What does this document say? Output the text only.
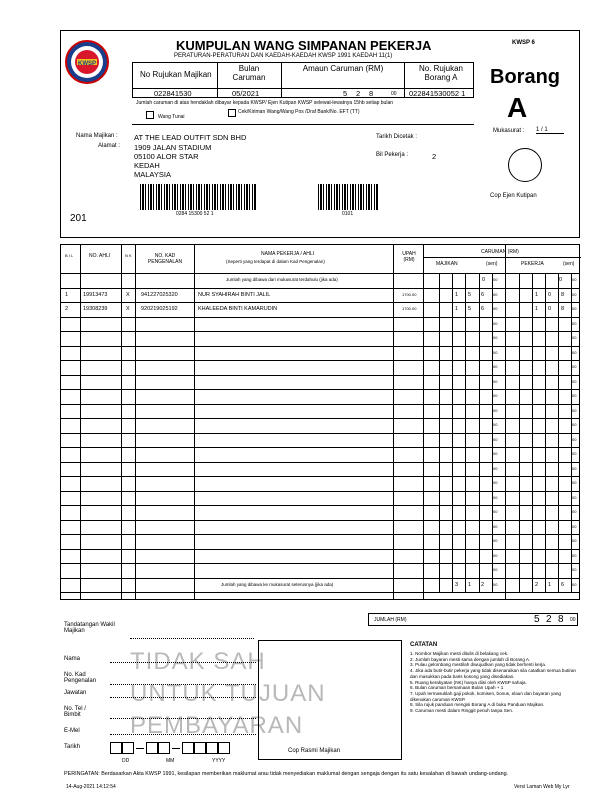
KWSP
KUMPULAN WANG SIMPANAN PEKERJA
PERATURAN-PERATURAN DAN KAEDAH-KAEDAH KWSP 1991 KAEDAH 11(1)
KWSP 6
No Rujukan Majikan
Bulan Caruman
Amaun Caruman (RM)	No. Rujukan Borang A
022841530	05/2021	5 2 8	00 022841530052 1
Jumlah caruman di atas hendaklah dibayar kepada KWSP/ Ejen Kutipan KWSP selewat-lewatnya 15hb setiap bulan
Wang Tunai
Cek/Kiriman Wang/Wang Pos /Draf Bank/No. EFT (TT)
Borang
A
Mukasurat : 1 / 1
Cop Ejen Kutipan
Nama Majikan :
Alamat :
AT THE LEAD OUTFIT SDN BHD
1909 JALAN STADIUM
05100 ALOR STAR
KEDAH
MALAYSIA
Tarikh Dicetak :
Bil Pekerja :	2
0284 15300 52 1	0101
201
B I L	NO. AHLI	N K	NO. KAD PENGENALAN
NAMA PEKERJA / AHLI
(Seperti yang terdapat di dalam Kad Pengenalan)
UPAH (RM)
CARUMAN (RM)
MAJIKAN	(sen)	PEKERJA	(sen)
Jumlah yang dibawa dari mukasurat terdahulu (jika ada)	0 00	0 00
1	19913473	X 941227025320	NUR SYAHIRAH BINTI JALIL	1700.00	1 5 6 00	1 0 8 00
2	19308239	X 920219025192	KHALEEDA BINTI KAMARUDIN	1700.00	1 5 6 00	1 0 8 00
00	00
00	00
00	00
00	00
00	00
00	00
00	00
00	00
00	00
00	00
00	00
00	00
00	00
00	00
00	00
00	00
00	00
00	00
Jumlah yang dibawa ke mukasurat seterusnya (jika ada)	3 1 2 00	2 1 6 00
JUMLAH (RM)	5 2 8 00
Tandatangan Wakil Majikan
Nama
No. Kad Pengenalan
Jawatan
No. Tel / Bimbit
E-Mel
Tarikh
DD	MM	YYYY
Cop Rasmi Majikan
TIDAK SAH
UNTUK TUJUAN
PEMBAYARAN
CATATAN
1. Nombor Majikan mesti ditulis di belakang cek.
2. Jumlah bayaran mesti sama dengan jumlah di Borang A.
3. Pulau gelombang mestilah diwujudkan yang tidak berhenti kerja.
4. Jika ada butir-butir pekerja yang tidak disenaraikan sila catatkan semua butiran dan masukkan pada baris kosong yang disediakan.
5. Ruang kerakyatan (NK) hanya diisi oleh KWSP sahaja.
6. Bulan caruman bersamaan Bulan Upah + 1
7. Upah termasuklah gaji pokok, komisen, bonus, elaun dan bayaran yang dikenakan caruman KWSP.
8. Sila rujuk panduan mengisi Borang A di buku Panduan Majikan.
9. Caruman mesti dalam Ringgit penuh tanpa Sen.
PERINGATAN: Berdasarkan Akta KWSP 1991, kesilapan memberikan maklumat arau tidak menyediakan maklumat dengan sengaja dengan itu satu kesalahan di bawah undang-undang.
14-Aug-2021 14:12:54	Versi Laman Web My Lyr
